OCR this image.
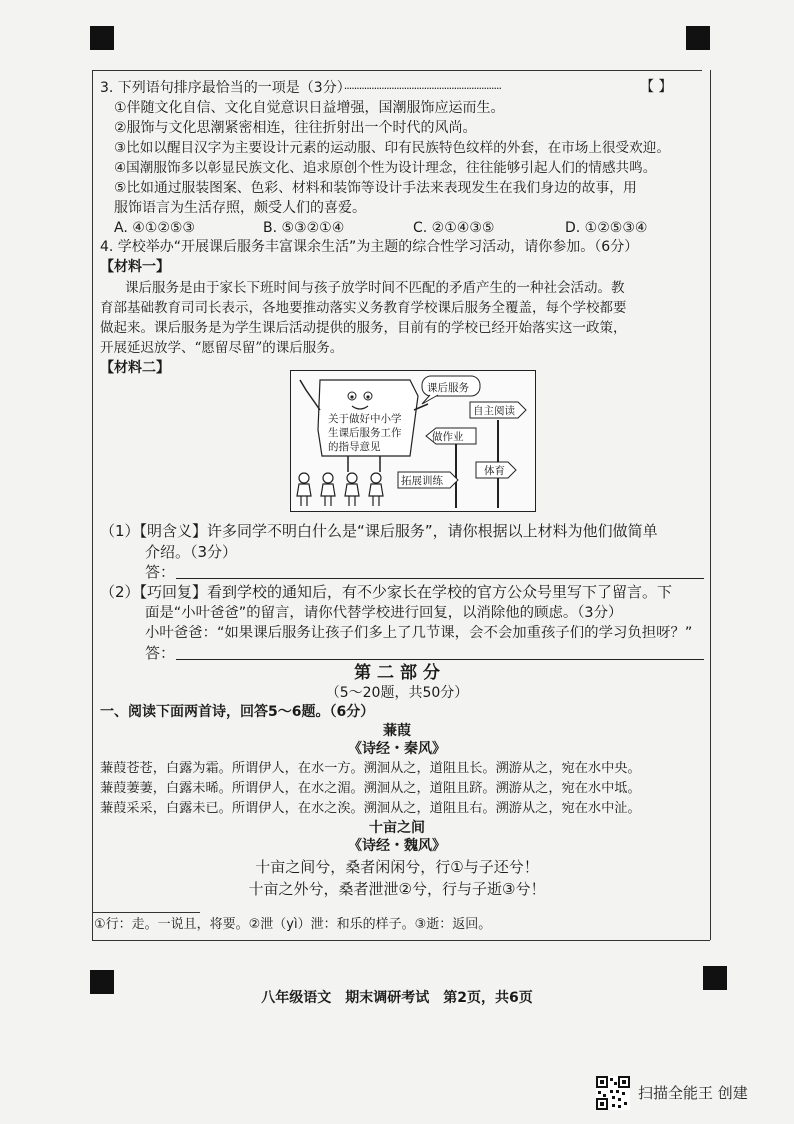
3. 下列语句排序最恰当的一项是（3分）·······························································	【 】
①伴随文化自信、文化自觉意识日益增强，国潮服饰应运而生。
②服饰与文化思潮紧密相连，往往折射出一个时代的风尚。
③比如以醒目汉字为主要设计元素的运动服、印有民族特色纹样的外套，在市场上很受欢迎。
④国潮服饰多以彰显民族文化、追求原创个性为设计理念，往往能够引起人们的情感共鸣。
⑤比如通过服装图案、色彩、材料和装饰等设计手法来表现发生在我们身边的故事，用
服饰语言为生活存照，颇受人们的喜爱。
A. ④①②⑤③	B. ⑤③②①④	C. ②①④③⑤	D. ①②⑤③④
4. 学校举办“开展课后服务丰富课余生活”为主题的综合性学习活动，请你参加。（6分）
【材料一】
课后服务是由于家长下班时间与孩子放学时间不匹配的矛盾产生的一种社会活动。教
育部基础教育司司长表示，各地要推动落实义务教育学校课后服务全覆盖，每个学校都要
做起来。课后服务是为学生课后活动提供的服务，目前有的学校已经开始落实这一政策，
开展延迟放学、“愿留尽留”的课后服务。
【材料二】
关于做好中小学
生课后服务工作
的指导意见
课后服务
自主阅读
做作业
体育
拓展训练
（1）【明含义】许多同学不明白什么是“课后服务”，请你根据以上材料为他们做简单
介绍。（3分）
答：
（2）【巧回复】看到学校的通知后，有不少家长在学校的官方公众号里写下了留言。下
面是“小叶爸爸”的留言，请你代替学校进行回复，以消除他的顾虑。（3分）
小叶爸爸：“如果课后服务让孩子们多上了几节课，会不会加重孩子们的学习负担呀？”
答：
第 二 部 分
（5～20题，共50分）
一、阅读下面两首诗，回答5～6题。（6分）
蒹葭
《诗经・秦风》
蒹葭苍苍，白露为霜。所谓伊人，在水一方。溯洄从之，道阻且长。溯游从之，宛在水中央。
蒹葭萋萋，白露未晞。所谓伊人，在水之湄。溯洄从之，道阻且跻。溯游从之，宛在水中坻。
蒹葭采采，白露未已。所谓伊人，在水之涘。溯洄从之，道阻且右。溯游从之，宛在水中沚。
十亩之间
《诗经・魏风》
十亩之间兮，桑者闲闲兮，行①与子还兮！
十亩之外兮，桑者泄泄②兮，行与子逝③兮！
①行：走。一说且，将要。②泄（yì）泄：和乐的样子。③逝：返回。
八年级语文　期末调研考试　第2页，共6页
扫描全能王 创建
